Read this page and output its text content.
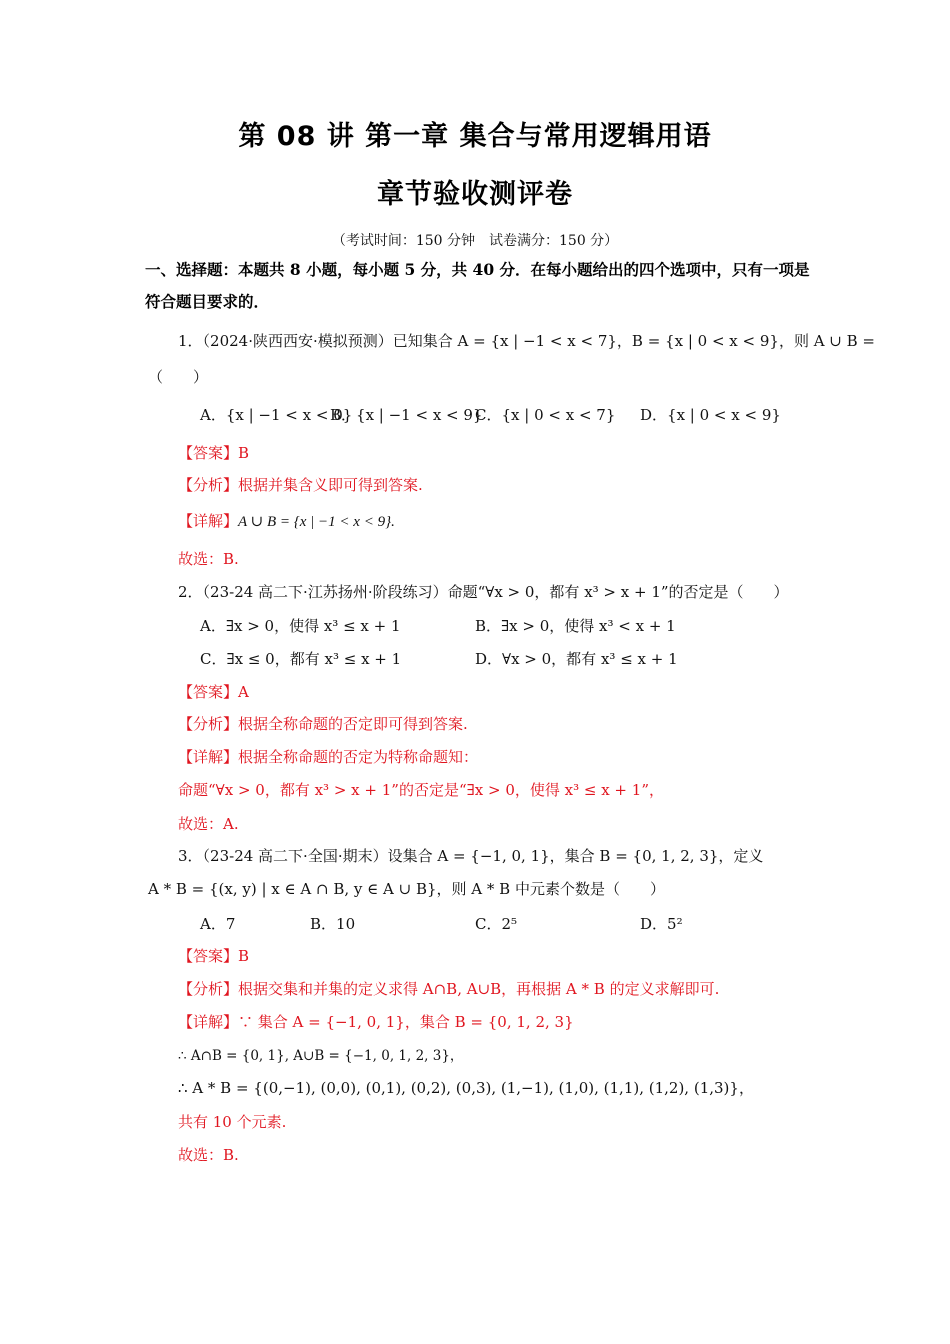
第 08 讲 第一章 集合与常用逻辑用语
章节验收测评卷
（考试时间：150 分钟　试卷满分：150 分）
一、选择题：本题共 8 小题，每小题 5 分，共 40 分．在每小题给出的四个选项中，只有一项是符合题目要求的．
1．（2024·陕西西安·模拟预测）已知集合 A = {x | −1 < x < 7}，B = {x | 0 < x < 9}，则 A ∪ B =
（　　）
A．{x | −1 < x < 0}
B．{x | −1 < x < 9}
C．{x | 0 < x < 7} D．{x | 0 < x < 9}
【答案】B
【分析】根据并集含义即可得到答案.
【详解】A ∪ B = {x | −1 < x < 9}.
故选：B.
2．（23-24 高二下·江苏扬州·阶段练习）命题“∀x > 0，都有 x³ > x + 1”的否定是（　　）
A．∃x > 0，使得 x³ ≤ x + 1	B．∃x > 0，使得 x³ < x + 1
C．∃x ≤ 0，都有 x³ ≤ x + 1	D．∀x > 0，都有 x³ ≤ x + 1
【答案】A
【分析】根据全称命题的否定即可得到答案.
【详解】根据全称命题的否定为特称命题知：
命题“∀x > 0，都有 x³ > x + 1”的否定是“∃x > 0，使得 x³ ≤ x + 1”，
故选：A.
3．（23-24 高二下·全国·期末）设集合 A = {−1, 0, 1}，集合 B = {0, 1, 2, 3}，定义
A * B = {(x, y) | x ∈ A ∩ B, y ∈ A ∪ B}，则 A * B 中元素个数是（　　）
A．7	B．10	C．2⁵	D．5²
【答案】B
【分析】根据交集和并集的定义求得 A∩B, A∪B，再根据 A * B 的定义求解即可.
【详解】∵ 集合 A = {−1, 0, 1}，集合 B = {0, 1, 2, 3}
∴ A∩B = {0, 1}, A∪B = {−1, 0, 1, 2, 3}，
∴ A * B = {(0,−1), (0,0), (0,1), (0,2), (0,3), (1,−1), (1,0), (1,1), (1,2), (1,3)}，
共有 10 个元素.
故选：B.
